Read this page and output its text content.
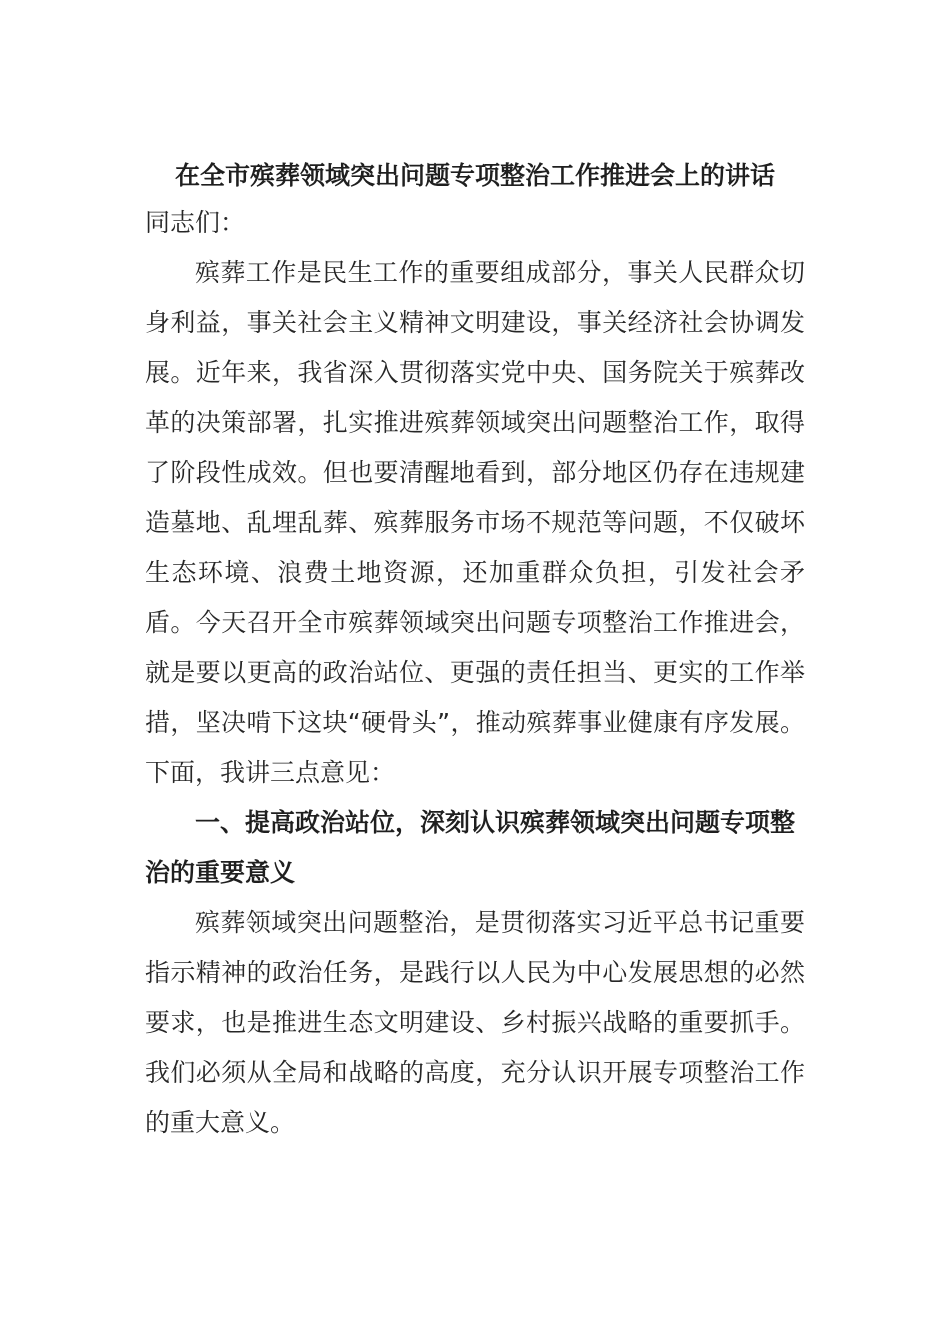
在全市殡葬领域突出问题专项整治工作推进会上的讲话

同志们：

殡葬工作是民生工作的重要组成部分，事关人民群众切身利益，事关社会主义精神文明建设，事关经济社会协调发展。近年来，我省深入贯彻落实党中央、国务院关于殡葬改革的决策部署，扎实推进殡葬领域突出问题整治工作，取得了阶段性成效。但也要清醒地看到，部分地区仍存在违规建造墓地、乱埋乱葬、殡葬服务市场不规范等问题，不仅破坏生态环境、浪费土地资源，还加重群众负担，引发社会矛盾。今天召开全市殡葬领域突出问题专项整治工作推进会，就是要以更高的政治站位、更强的责任担当、更实的工作举措，坚决啃下这块“硬骨头”，推动殡葬事业健康有序发展。下面，我讲三点意见：

一、提高政治站位，深刻认识殡葬领域突出问题专项整治的重要意义

殡葬领域突出问题整治，是贯彻落实习近平总书记重要指示精神的政治任务，是践行以人民为中心发展思想的必然要求，也是推进生态文明建设、乡村振兴战略的重要抓手。我们必须从全局和战略的高度，充分认识开展专项整治工作的重大意义。
